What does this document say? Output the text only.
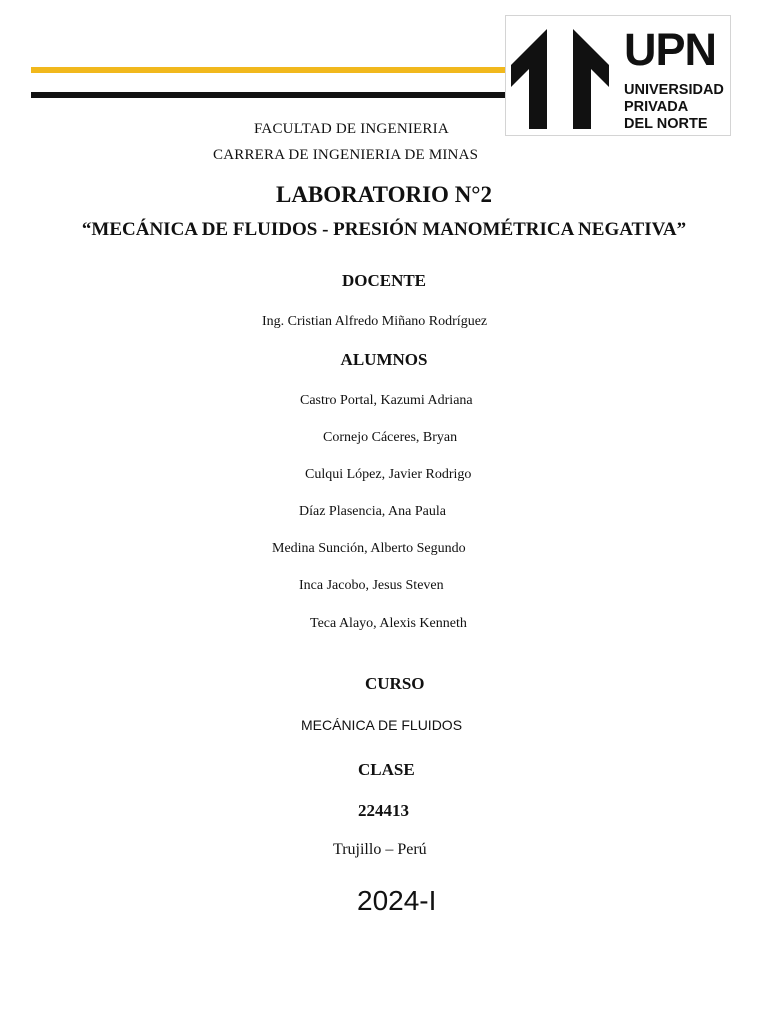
UPN
UNIVERSIDAD
PRIVADA
DEL NORTE
FACULTAD DE INGENIERIA
CARRERA DE INGENIERIA DE MINAS
LABORATORIO N°2
“MECÁNICA DE FLUIDOS - PRESIÓN MANOMÉTRICA NEGATIVA”
DOCENTE
Ing. Cristian Alfredo Miñano Rodríguez
ALUMNOS
Castro Portal, Kazumi Adriana
Cornejo Cáceres, Bryan
Culqui López, Javier Rodrigo
Díaz Plasencia, Ana Paula
Medina Sunción, Alberto Segundo
Inca Jacobo, Jesus Steven
Teca Alayo, Alexis Kenneth
CURSO
MECÁNICA DE FLUIDOS
CLASE
224413
Trujillo – Perú
2024-I
